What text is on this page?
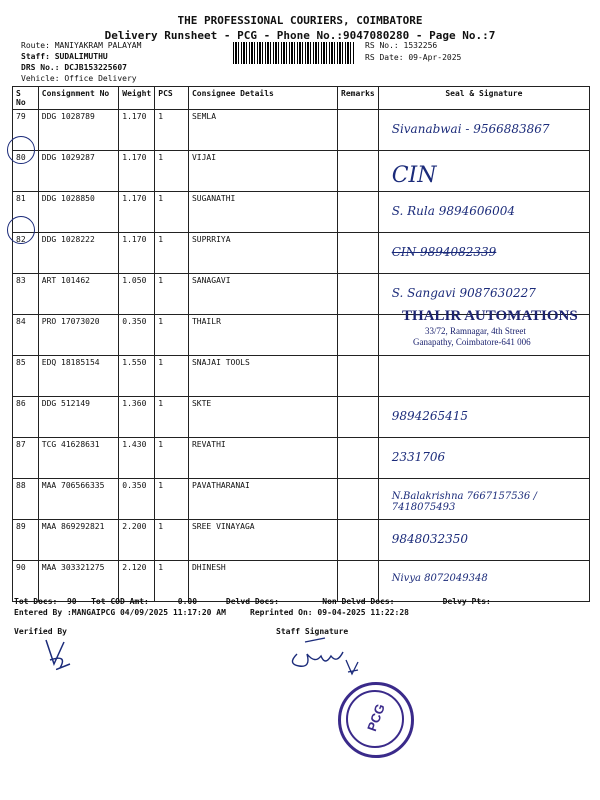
THE PROFESSIONAL COURIERS, COIMBATORE
Delivery Runsheet - PCG - Phone No.:9047080280 - Page No.:7
Route: MANIYAKRAM PALAYAM
Staff: SUDALIMUTHU
DRS No.: DCJB153225607
Vehicle: Office Delivery
RS No.: 1532256
RS Date: 09-Apr-2025
S No	Consignment No	Weight	PCS	Consignee Details	Remarks	Seal & Signature
79	DDG 1028789	1.170	1	SEMLA		Sivanabwai - 9566883867

80	DDG 1029287	1.170	1	VIJAI		CIN

81	DDG 1028850	1.170	1	SUGANATHI		S. Rula 9894606004

82	DDG 1028222	1.170	1	SUPRRIYA		CIN 9894082339

83	ART 101462	1.050	1	SANAGAVI		S. Sangavi 9087630227

84	PRO 17073020	0.350	1	THAILR		

85	EDQ 18185154	1.550	1	SNAJAI TOOLS		

86	DDG 512149	1.360	1	SKTE		9894265415

87	TCG 41628631	1.430	1	REVATHI		2331706

88	MAA 706566335	0.350	1	PAVATHARANAI		N.Balakrishna 7667157536 / 7418075493

89	MAA 869292821	2.200	1	SREE VINAYAGA		9848032350

90	MAA 303321275	2.120	1	DHINESH		Nivya 8072049348
THALIR AUTOMATIONS
33/72, Ramnagar, 4th Street
Ganapathy, Coimbatore-641 006
Tot Docs:  90   Tot COD Amt:      0.00      Delvd Docs:         Non Delvd Docs:          Delvy Pts:
Entered By :MANGAIPCG 04/09/2025 11:17:20 AM     Reprinted On: 09-04-2025 11:22:28
Verified By	Staff Signature
PCG
